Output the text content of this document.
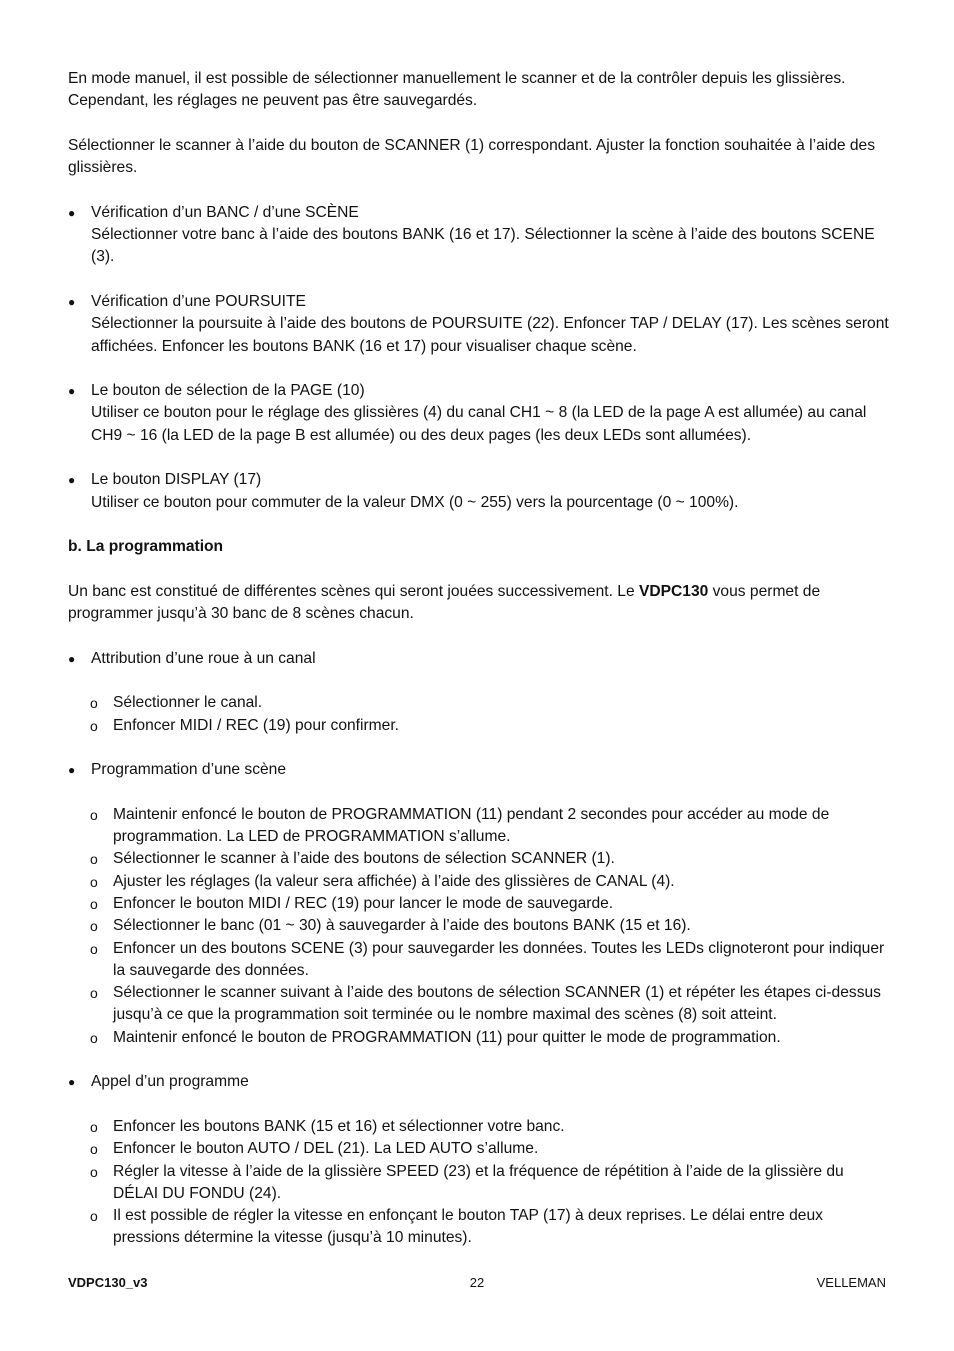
En mode manuel, il est possible de sélectionner manuellement le scanner et de la contrôler depuis les glissières. Cependant, les réglages ne peuvent pas être sauvegardés.

Sélectionner le scanner à l’aide du bouton de SCANNER (1) correspondant. Ajuster la fonction souhaitée à l’aide des glissières.

● Vérification d’un BANC / d’une SCÈNE

Sélectionner votre banc à l’aide des boutons BANK (16 et 17). Sélectionner la scène à l’aide des boutons SCENE (3).

● Vérification d’une POURSUITE

Sélectionner la poursuite à l’aide des boutons de POURSUITE (22). Enfoncer TAP / DELAY (17). Les scènes seront affichées. Enfoncer les boutons BANK (16 et 17) pour visualiser chaque scène.

● Le bouton de sélection de la PAGE (10)

Utiliser ce bouton pour le réglage des glissières (4) du canal CH1 ~ 8 (la LED de la page A est allumée) au canal CH9 ~ 16 (la LED de la page B est allumée) ou des deux pages (les deux LEDs sont allumées).

● Le bouton DISPLAY (17)

Utiliser ce bouton pour commuter de la valeur DMX (0 ~ 255) vers la pourcentage (0 ~ 100%).

b. La programmation

Un banc est constitué de différentes scènes qui seront jouées successivement. Le VDPC130 vous permet de programmer jusqu’à 30 banc de 8 scènes chacun.

● Attribution d’une roue à un canal

o Sélectionner le canal.

o Enfoncer MIDI / REC (19) pour confirmer.

● Programmation d’une scène

o Maintenir enfoncé le bouton de PROGRAMMATION (11) pendant 2 secondes pour accéder au mode de programmation. La LED de PROGRAMMATION s’allume.

o Sélectionner le scanner à l’aide des boutons de sélection SCANNER (1).

o Ajuster les réglages (la valeur sera affichée) à l’aide des glissières de CANAL (4).

o Enfoncer le bouton MIDI / REC (19) pour lancer le mode de sauvegarde.

o Sélectionner le banc (01 ~ 30) à sauvegarder à l’aide des boutons BANK (15 et 16).

o Enfoncer un des boutons SCENE (3) pour sauvegarder les données. Toutes les LEDs clignoteront pour indiquer la sauvegarde des données.

o Sélectionner le scanner suivant à l’aide des boutons de sélection SCANNER (1) et répéter les étapes ci-dessus jusqu’à ce que la programmation soit terminée ou le nombre maximal des scènes (8) soit atteint.

o Maintenir enfoncé le bouton de PROGRAMMATION (11) pour quitter le mode de programmation.

● Appel d’un programme

o Enfoncer les boutons BANK (15 et 16) et sélectionner votre banc.

o Enfoncer le bouton AUTO / DEL (21). La LED AUTO s’allume.

o Régler la vitesse à l’aide de la glissière SPEED (23) et la fréquence de répétition à l’aide de la glissière du DÉLAI DU FONDU (24).

o Il est possible de régler la vitesse en enfonçant le bouton TAP (17) à deux reprises. Le délai entre deux pressions détermine la vitesse (jusqu’à 10 minutes).

VDPC130_v3	22	VELLEMAN
